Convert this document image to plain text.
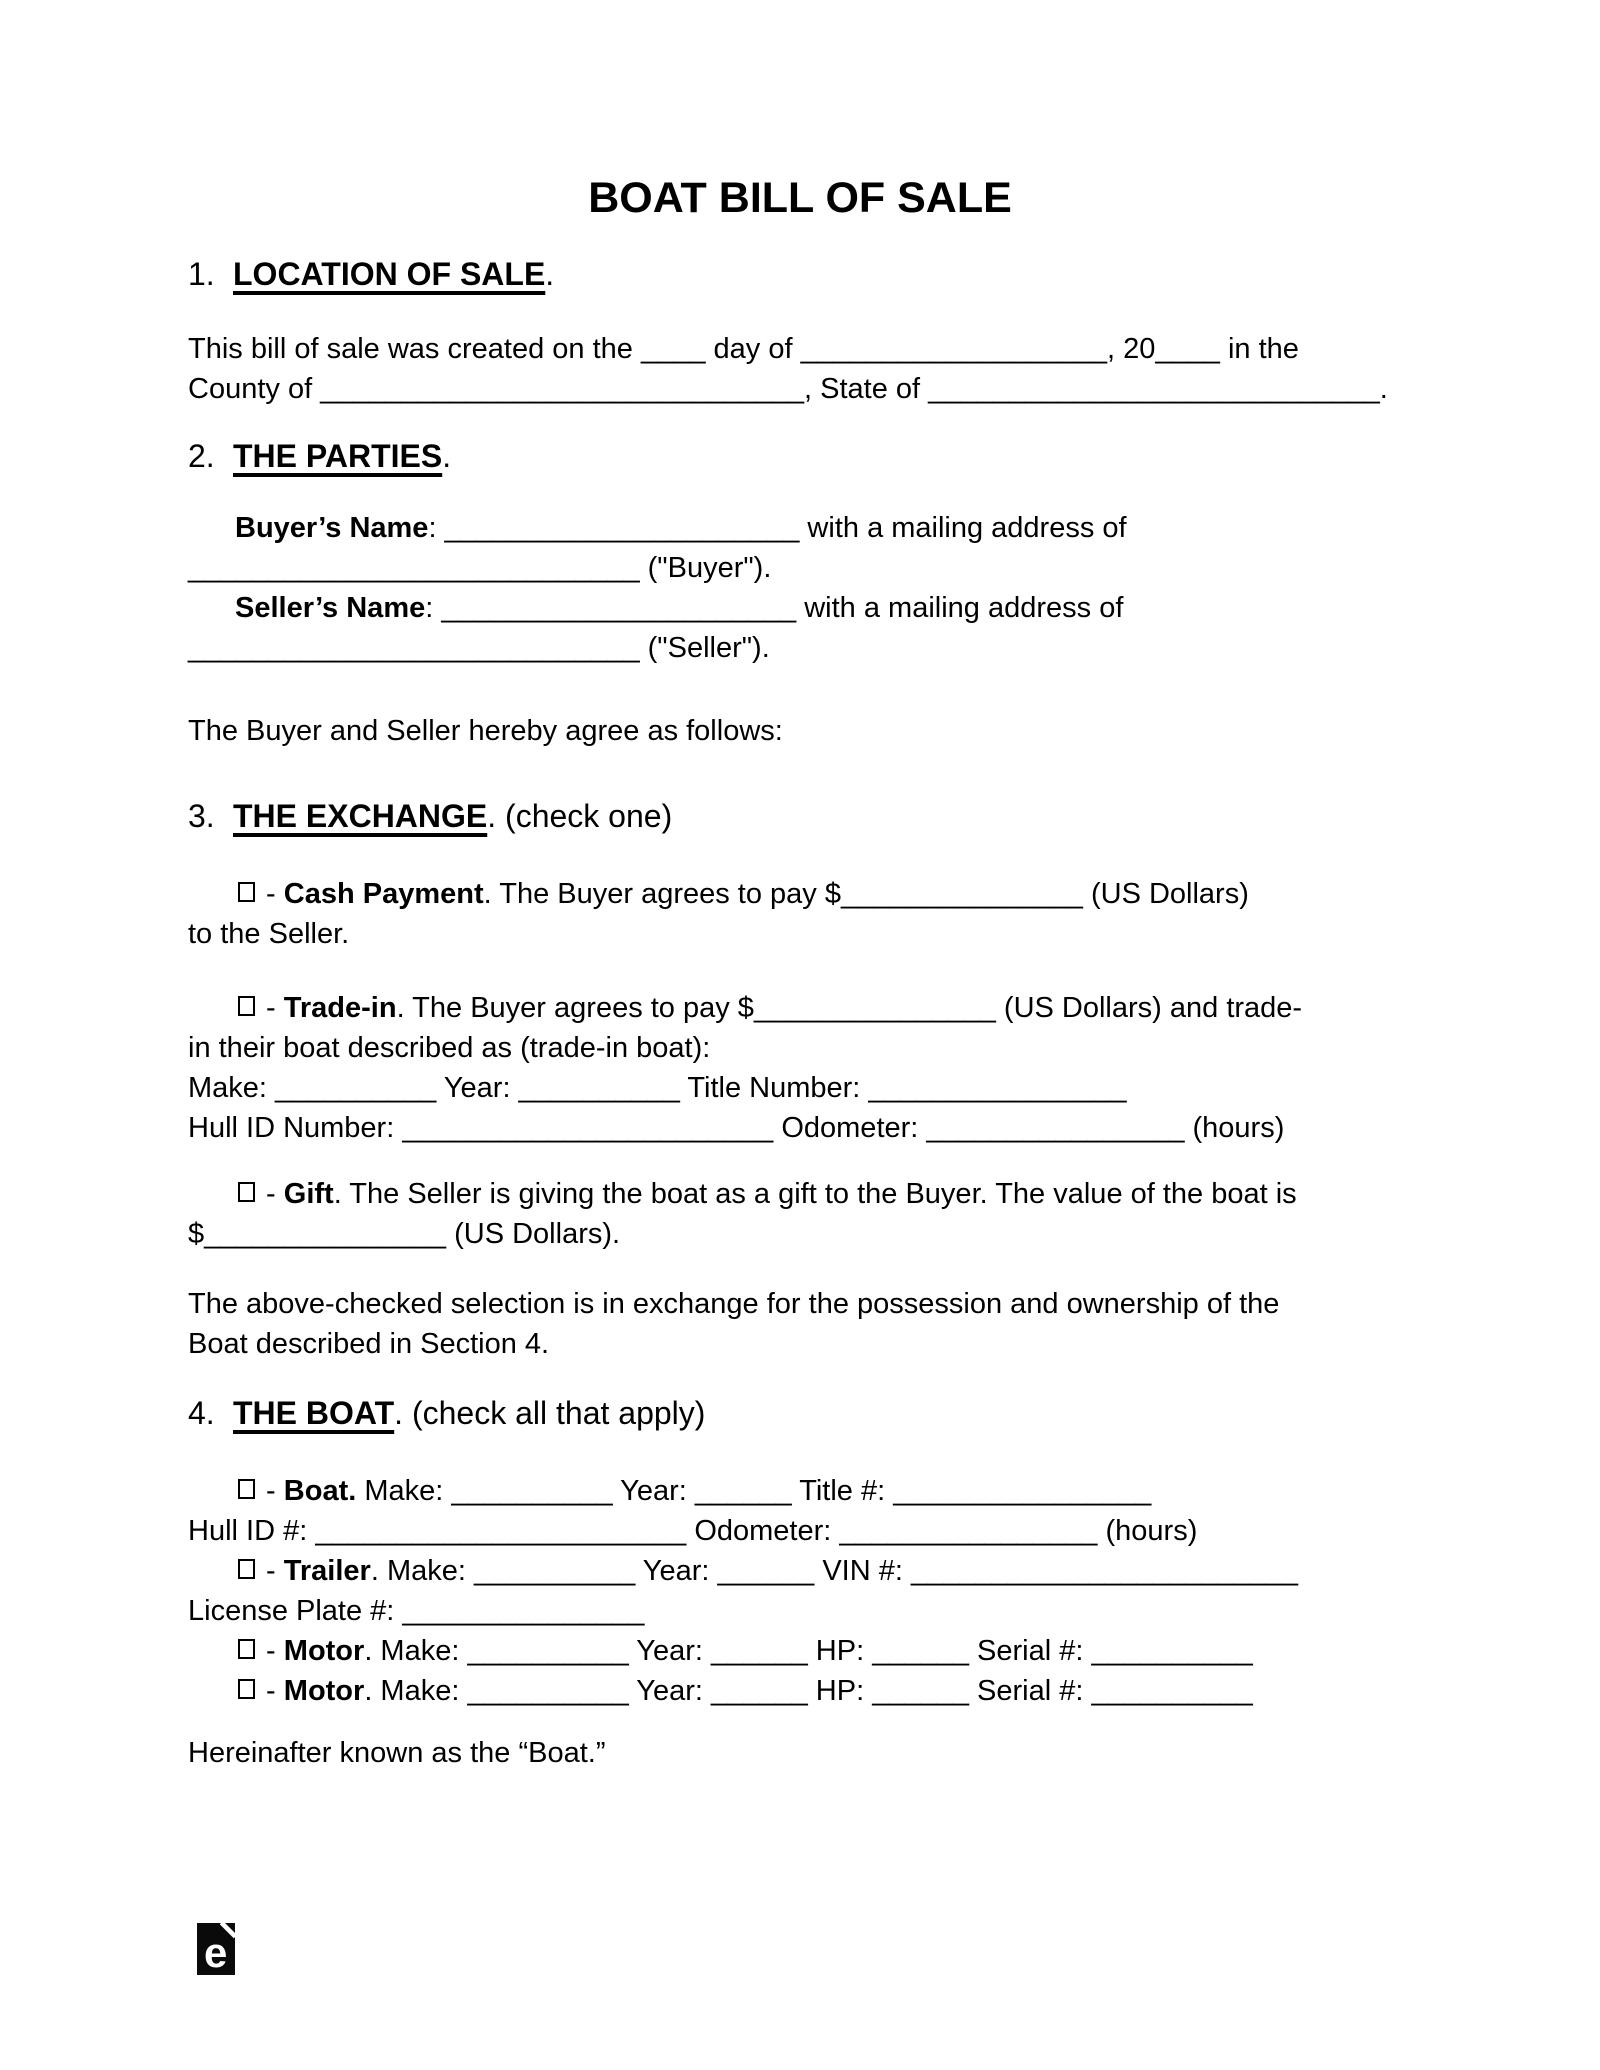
BOAT BILL OF SALE
1. LOCATION OF SALE.
This bill of sale was created on the ____ day of ___________________, 20____ in the
County of ______________________________, State of ____________________________.
2. THE PARTIES.
Buyer’s Name: ______________________ with a mailing address of
____________________________ ("Buyer").
Seller’s Name: ______________________ with a mailing address of
____________________________ ("Seller").
The Buyer and Seller hereby agree as follows:
3. THE EXCHANGE. (check one)
- Cash Payment. The Buyer agrees to pay $_______________ (US Dollars)
to the Seller.
- Trade-in. The Buyer agrees to pay $_______________ (US Dollars) and trade-
in their boat described as (trade-in boat):
Make: __________ Year: __________ Title Number: ________________
Hull ID Number: _______________________ Odometer: ________________ (hours)
- Gift. The Seller is giving the boat as a gift to the Buyer. The value of the boat is
$_______________ (US Dollars).
The above-checked selection is in exchange for the possession and ownership of the
Boat described in Section 4.
4. THE BOAT. (check all that apply)
- Boat. Make: __________ Year: ______ Title #: ________________
Hull ID #: _______________________ Odometer: ________________ (hours)
- Trailer. Make: __________ Year: ______ VIN #: ________________________
License Plate #: _______________
- Motor. Make: __________ Year: ______ HP: ______ Serial #: __________
- Motor. Make: __________ Year: ______ HP: ______ Serial #: __________
Hereinafter known as the “Boat.”
e
